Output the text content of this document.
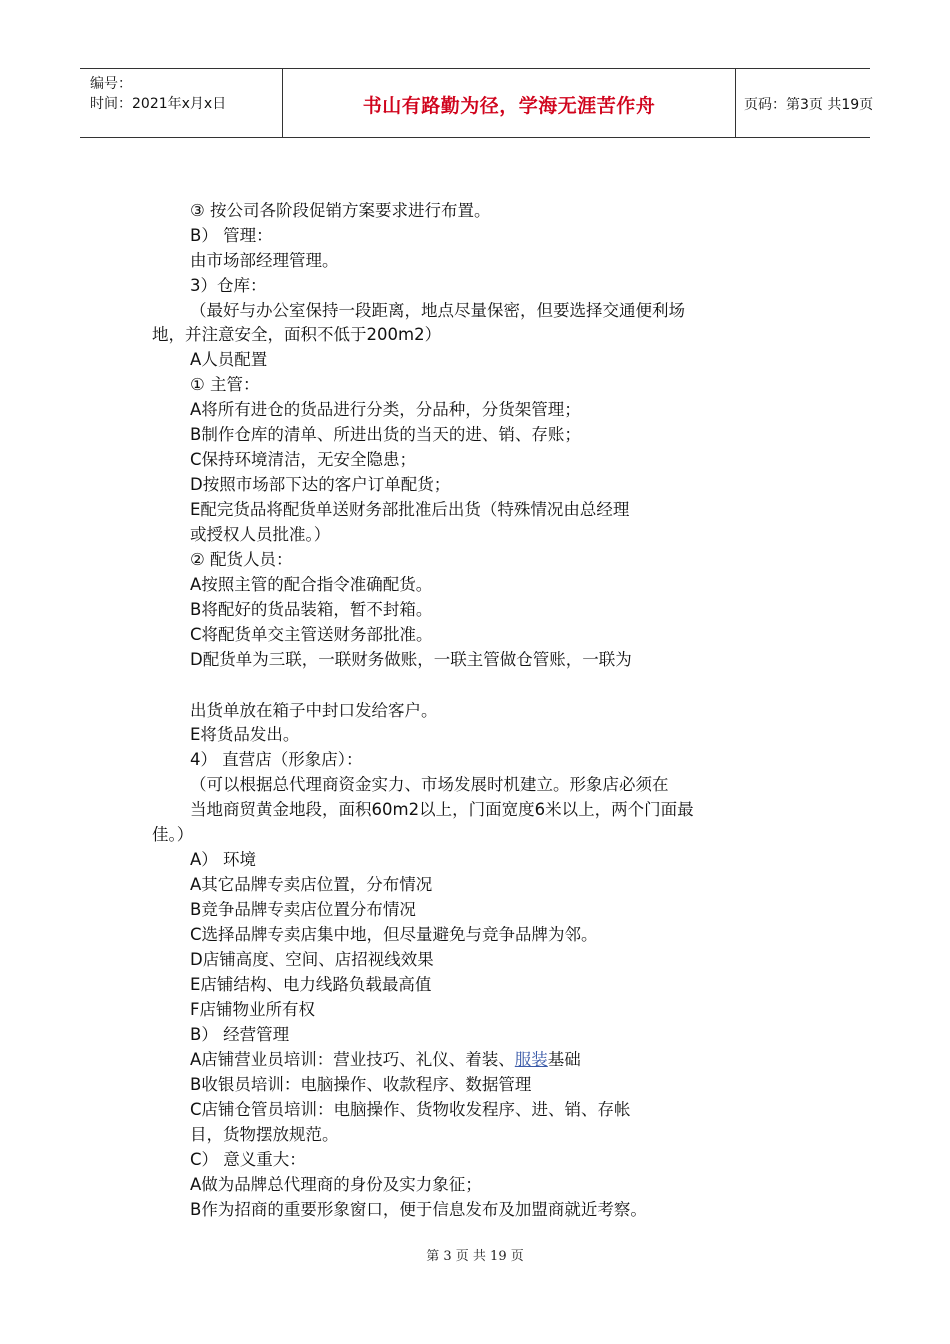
编号：
时间：2021年x月x日	书山有路勤为径，学海无涯苦作舟	页码：第3页 共19页
③ 按公司各阶段促销方案要求进行布置。
B） 管理：
由市场部经理管理。
3）仓库：
（最好与办公室保持一段距离，地点尽量保密，但要选择交通便利场
地，并注意安全，面积不低于200m2）
A人员配置
① 主管：
A将所有进仓的货品进行分类，分品种，分货架管理；
B制作仓库的清单、所进出货的当天的进、销、存账；
C保持环境清洁，无安全隐患；
D按照市场部下达的客户订单配货；
E配完货品将配货单送财务部批准后出货（特殊情况由总经理
或授权人员批准。）
② 配货人员：
A按照主管的配合指令准确配货。
B将配好的货品装箱，暂不封箱。
C将配货单交主管送财务部批准。
D配货单为三联，一联财务做账，一联主管做仓管账，一联为
出货单放在箱子中封口发给客户。
E将货品发出。
4） 直营店（形象店）：
（可以根据总代理商资金实力、市场发展时机建立。形象店必须在
当地商贸黄金地段，面积60m2以上，门面宽度6米以上，两个门面最
佳。）
A） 环境
A其它品牌专卖店位置，分布情况
B竞争品牌专卖店位置分布情况
C选择品牌专卖店集中地，但尽量避免与竞争品牌为邻。
D店铺高度、空间、店招视线效果
E店铺结构、电力线路负载最高值
F店铺物业所有权
B） 经营管理
A店铺营业员培训：营业技巧、礼仪、着装、服装基础
B收银员培训：电脑操作、收款程序、数据管理
C店铺仓管员培训：电脑操作、货物收发程序、进、销、存帐
目，货物摆放规范。
C） 意义重大：
A做为品牌总代理商的身份及实力象征；
B作为招商的重要形象窗口，便于信息发布及加盟商就近考察。
第 3 页 共 19 页
